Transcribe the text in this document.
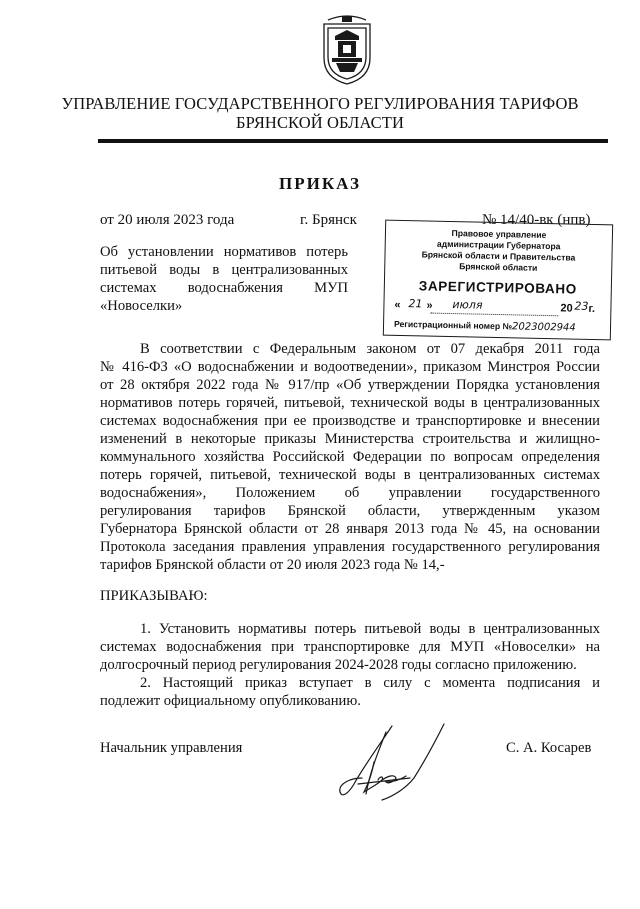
УПРАВЛЕНИЕ ГОСУДАРСТВЕННОГО РЕГУЛИРОВАНИЯ ТАРИФОВ
БРЯНСКОЙ ОБЛАСТИ
ПРИКАЗ
от 20 июля 2023 года	г. Брянск	№ 14/40-вк (нпв)
Об установлении нормативов потерь
питьевой воды в централизованных
системах водоснабжения МУП
«Новоселки»
Правовое управление
администрации Губернатора
Брянской области и Правительства
Брянской области
ЗАРЕГИСТРИРОВАНО
« 21 » июля	20 23 г.
Регистрационный номер №2023002944
В соответствии с Федеральным законом от 07 декабря 2011 года
№ 416-ФЗ «О водоснабжении и водоотведении», приказом Минстроя России
от 28 октября 2022 года № 917/пр «Об утверждении Порядка установления
нормативов потерь горячей, питьевой, технической воды в централизованных
системах водоснабжения при ее производстве и транспортировке и внесении
изменений в некоторые приказы Министерства строительства и жилищно-
коммунального хозяйства Российской Федерации по вопросам определения
потерь горячей, питьевой, технической воды в централизованных системах
водоснабжения», Положением об управлении государственного
регулирования тарифов Брянской области, утвержденным указом
Губернатора Брянской области от 28 января 2013 года № 45, на основании
Протокола заседания правления управления государственного регулирования
тарифов Брянской области от 20 июля 2023 года № 14,-
ПРИКАЗЫВАЮ:
1. Установить нормативы потерь питьевой воды в централизованных
системах водоснабжения при транспортировке для МУП «Новоселки» на
долгосрочный период регулирования 2024-2028 годы согласно приложению.
2. Настоящий приказ вступает в силу с момента подписания и
подлежит официальному опубликованию.
Начальник управления	С. А. Косарев
